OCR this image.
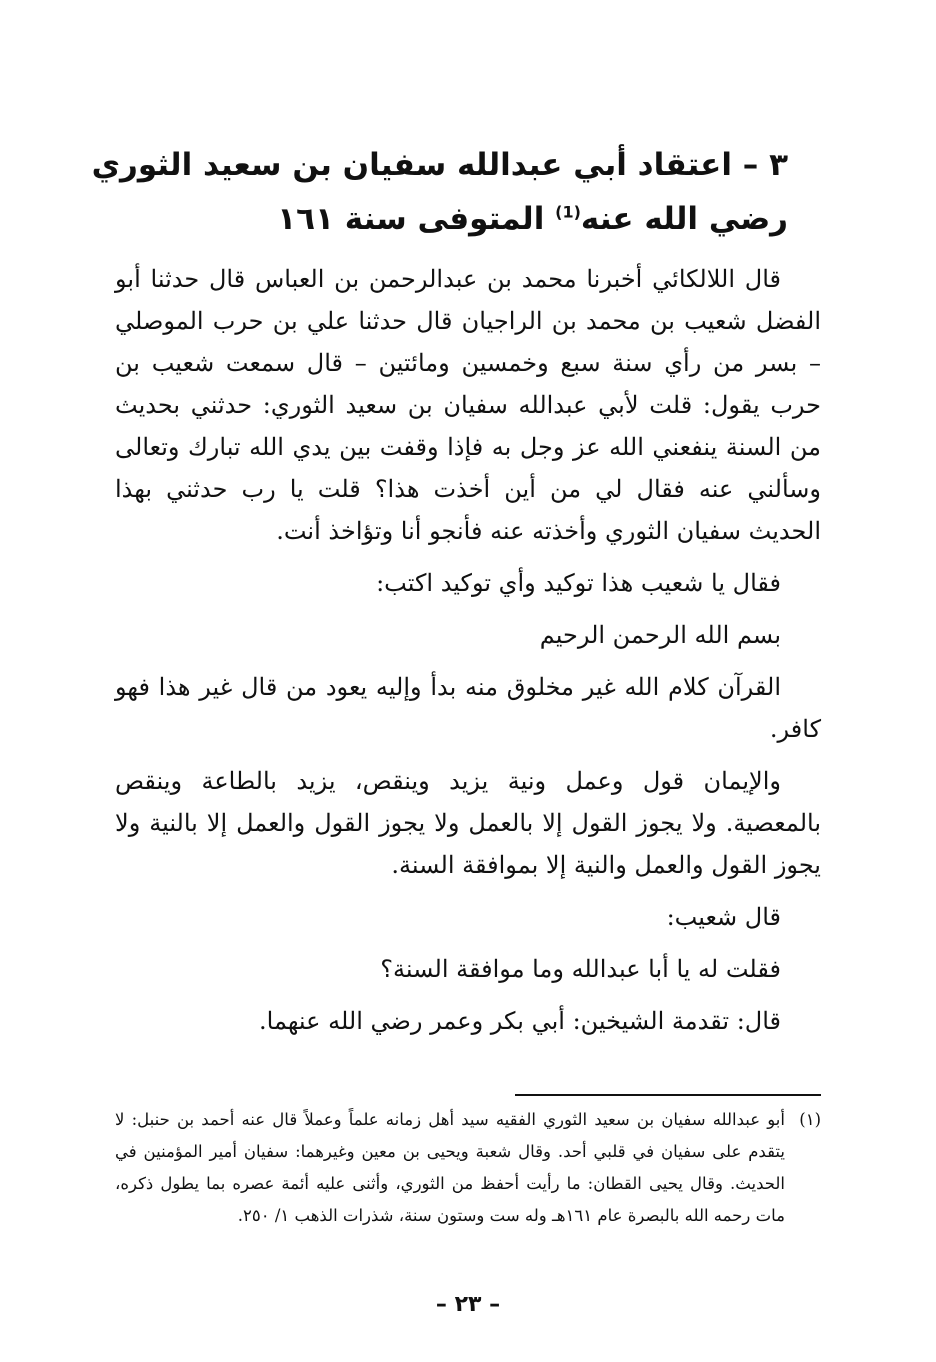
٣ – اعتقاد أبي عبدالله سفيان بن سعيد الثوري
رضي الله عنه$^{(1)}$ المتوفى سنة ١٦١

قال اللالكائي أخبرنا محمد بن عبدالرحمن بن العباس قال حدثنا أبو الفضل شعيب بن محمد بن الراجيان قال حدثنا علي بن حرب الموصلي – بسر من رأي سنة سبع وخمسين ومائتين – قال سمعت شعيب بن حرب يقول: قلت لأبي عبدالله سفيان بن سعيد الثوري: حدثني بحديث من السنة ينفعني الله عز وجل به فإذا وقفت بين يدي الله تبارك وتعالى وسألني عنه فقال لي من أين أخذت هذا؟ قلت يا رب حدثني بهذا الحديث سفيان الثوري وأخذته عنه فأنجو أنا وتؤاخذ أنت.

فقال يا شعيب هذا توكيد وأي توكيد اكتب:

بسم الله الرحمن الرحيم

القرآن كلام الله غير مخلوق منه بدأ وإليه يعود من قال غير هذا فهو كافر.

والإيمان قول وعمل ونية يزيد وينقص، يزيد بالطاعة وينقص بالمعصية. ولا يجوز القول إلا بالعمل ولا يجوز القول والعمل إلا بالنية ولا يجوز القول والعمل والنية إلا بموافقة السنة.

قال شعيب:

فقلت له يا أبا عبدالله وما موافقة السنة؟

قال: تقدمة الشيخين: أبي بكر وعمر رضي الله عنهما.

(١)
أبو عبدالله سفيان بن سعيد الثوري الفقيه سيد أهل زمانه علماً وعملاً قال عنه أحمد بن حنبل: لا يتقدم على سفيان في قلبي أحد. وقال شعبة ويحيى بن معين وغيرهما: سفيان أمير المؤمنين في الحديث. وقال يحيى القطان: ما رأيت أحفظ من الثوري، وأثنى عليه أئمة عصره بما يطول ذكره، مات رحمه الله بالبصرة عام ١٦١هـ وله ست وستون سنة، شذرات الذهب ١/ ٢٥٠.
– ٢٣ –
